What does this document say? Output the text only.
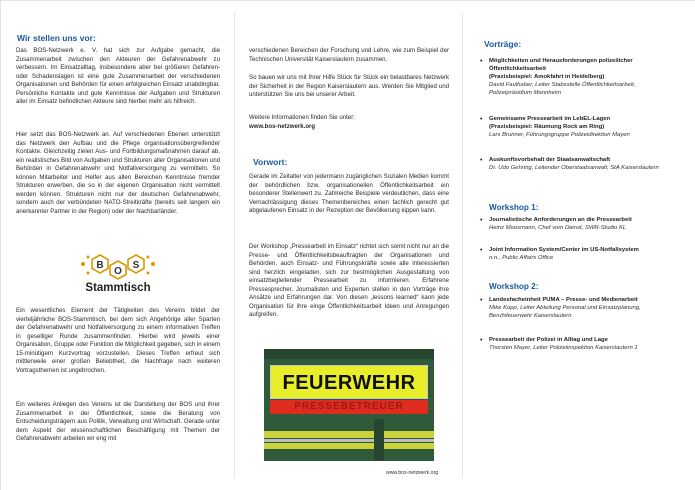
Wir stellen uns vor:
Das BOS-Netzwerk e. V. hat sich zur Aufgabe gemacht, die Zusammenarbeit zwischen den Akteuren der Gefahrenabwehr zu verbessern. Im Einsatzalltag, insbesondere aber bei größeren Gefahren- oder Schadenslagen ist eine gute Zusammenarbeit der verschiedenen Organisationen und Behörden für einen erfolgreichen Einsatz unabdingbar. Persönliche Kontakte und gute Kenntnisse der Aufgaben und Strukturen aller im Einsatz befindlichen Akteure sind hierbei mehr als hilfreich.
Hier setzt das BOS-Netzwerk an. Auf verschiedenen Ebenen unterstützt das Netzwerk den Aufbau und die Pflege organisationsübergreifender Kontakte. Gleichzeitig zielen Aus- und Fortbildungsmaßnahmen darauf ab, ein realistisches Bild von Aufgaben und Strukturen aller Organisationen und Behörden in Gefahrenabwehr und Notfallversorgung zu vermitteln. So können Mitarbeiter und Helfer aus allen Bereichen Kenntnisse fremder Strukturen erwerben, die so in der eigenen Organisation nicht vermittelt werden können. Strukturen nicht nur der deutschen Gefahrenabwehr, sondern auch der verbündeten NATO-Streitkräfte (bereits seit langem ein anerkannter Partner in der Region) oder der Nachbarländer.
B
O
S
Stammtisch
Ein wesentliches Element der Tätigkeiten des Vereins bildet der vierteljährliche BOS-Stammtisch, bei dem sich Angehörige aller Sparten der Gefahrenabwehr und Notfallversorgung zu einem informativen Treffen in geselliger Runde zusammenfinden. Hierbei wird jeweils einer Organisation, Gruppe oder Funktion die Möglichkeit gegeben, sich in einem 15-minütigem Kurzvortrag vorzustellen. Dieses Treffen erfreut sich mittlerweile einer großen Beliebtheit, die Nachfrage nach weiteren Vortragsthemen ist ungebrochen.
Ein weiteres Anliegen des Vereins ist die Darstellung der BOS und ihrer Zusammenarbeit in der Öffentlichkeit, sowie die Beratung von Entscheidungsträgern aus Politik, Verwaltung und Wirtschaft. Gerade unter dem Aspekt der wissenschaftlichen Beschäftigung mit Themen der Gefahrenabwehr arbeiten wir eng mit
verschiedenen Bereichen der Forschung und Lehre, wie zum Beispiel der Technischen Universität Kaiserslautern zusammen.
So bauen wir uns mit Ihrer Hilfe Stück für Stück ein belastbares Netzwerk der Sicherheit in der Region Kaiserslautern aus. Werden Sie Mitglied und unterstützen Sie uns bei unserer Arbeit.
Weitere Informationen finden Sie unter:
www.bos-netzwerk.org
Vorwort:
Gerade im Zeitalter von jedermann zugänglichen Sozialen Medien kommt der behördlichen bzw. organisationellen Öffentlichkeitsarbeit ein besonderer Stellenwert zu. Zahlreiche Beispiele verdeutlichen, dass eine Vernachlässigung dieses Themenbereiches einen fachlich gerecht gut abgelaufenen Einsatz in der Rezeption der Bevölkerung kippen kann.
Der Workshop „Pressearbeit im Einsatz“ richtet sich somit nicht nur an die Presse- und Öffentlichkeitsbeauftragten der Organisationen und Behörden, auch Einsatz- und Führungskräfte sowie alle Interessierten sind herzlich eingeladen, sich zur bestmöglichen Ausgestaltung von einsatzbegleitender Pressearbeit zu informieren. Erfahrene Pressesprecher, Journalisten und Experten stellen in den Vorträge ihre Ansätze und Erfahrungen dar. Von diesen „lessons learned“ kann jede Organisation für ihre einge Öffentlichkeitsarbeit Ideen und Anregungen aufgreifen.
FEUERWEHR
PRESSEBETREUER
Vorträge:
• Möglichkeiten und Herausforderungen polizeilicher Öffentlichkeitsarbeit
(Praxisbeispiel: Amokfahrt in Heidelberg)
David Faulhaber, Leiter Stabsstelle Öffentlichkeitsarbeit, Polizeipräsidium Mannheim
• Gemeinsame Pressearbeit im LebEL-Lagen
(Praxisbeispiel: Räumung Rock am Ring)
Lars Brunner, Führungsgruppe Polizeidirektion Mayen
• Auskunftsvorbehalt der Staatsanwaltschaft
Dr. Udo Gehring, Leitender Oberstaatsanwalt, StA Kaiserslautern
Workshop 1:
• Journalistische Anforderungen an die Pressearbeit
Heinz Moosmann, Chef vom Dienst, SWR-Studio KL
• Joint Information System/Center im US-Notfallsystem
n.n., Public Affairs Office
Workshop 2:
• Landesfacheinheit PUMA – Presse- und Medienarbeit
Mike Kopp, Leiter Abteilung Personal und Einsatzplanung, Berufsfeuerwehr Kaiserslautern
• Pressearbeit der Polizei in Alltag und Lage
Thorsten Mayer, Leiter Polizeiinspektion Kaiserslautern 1
www.bos-netzwerk.org
